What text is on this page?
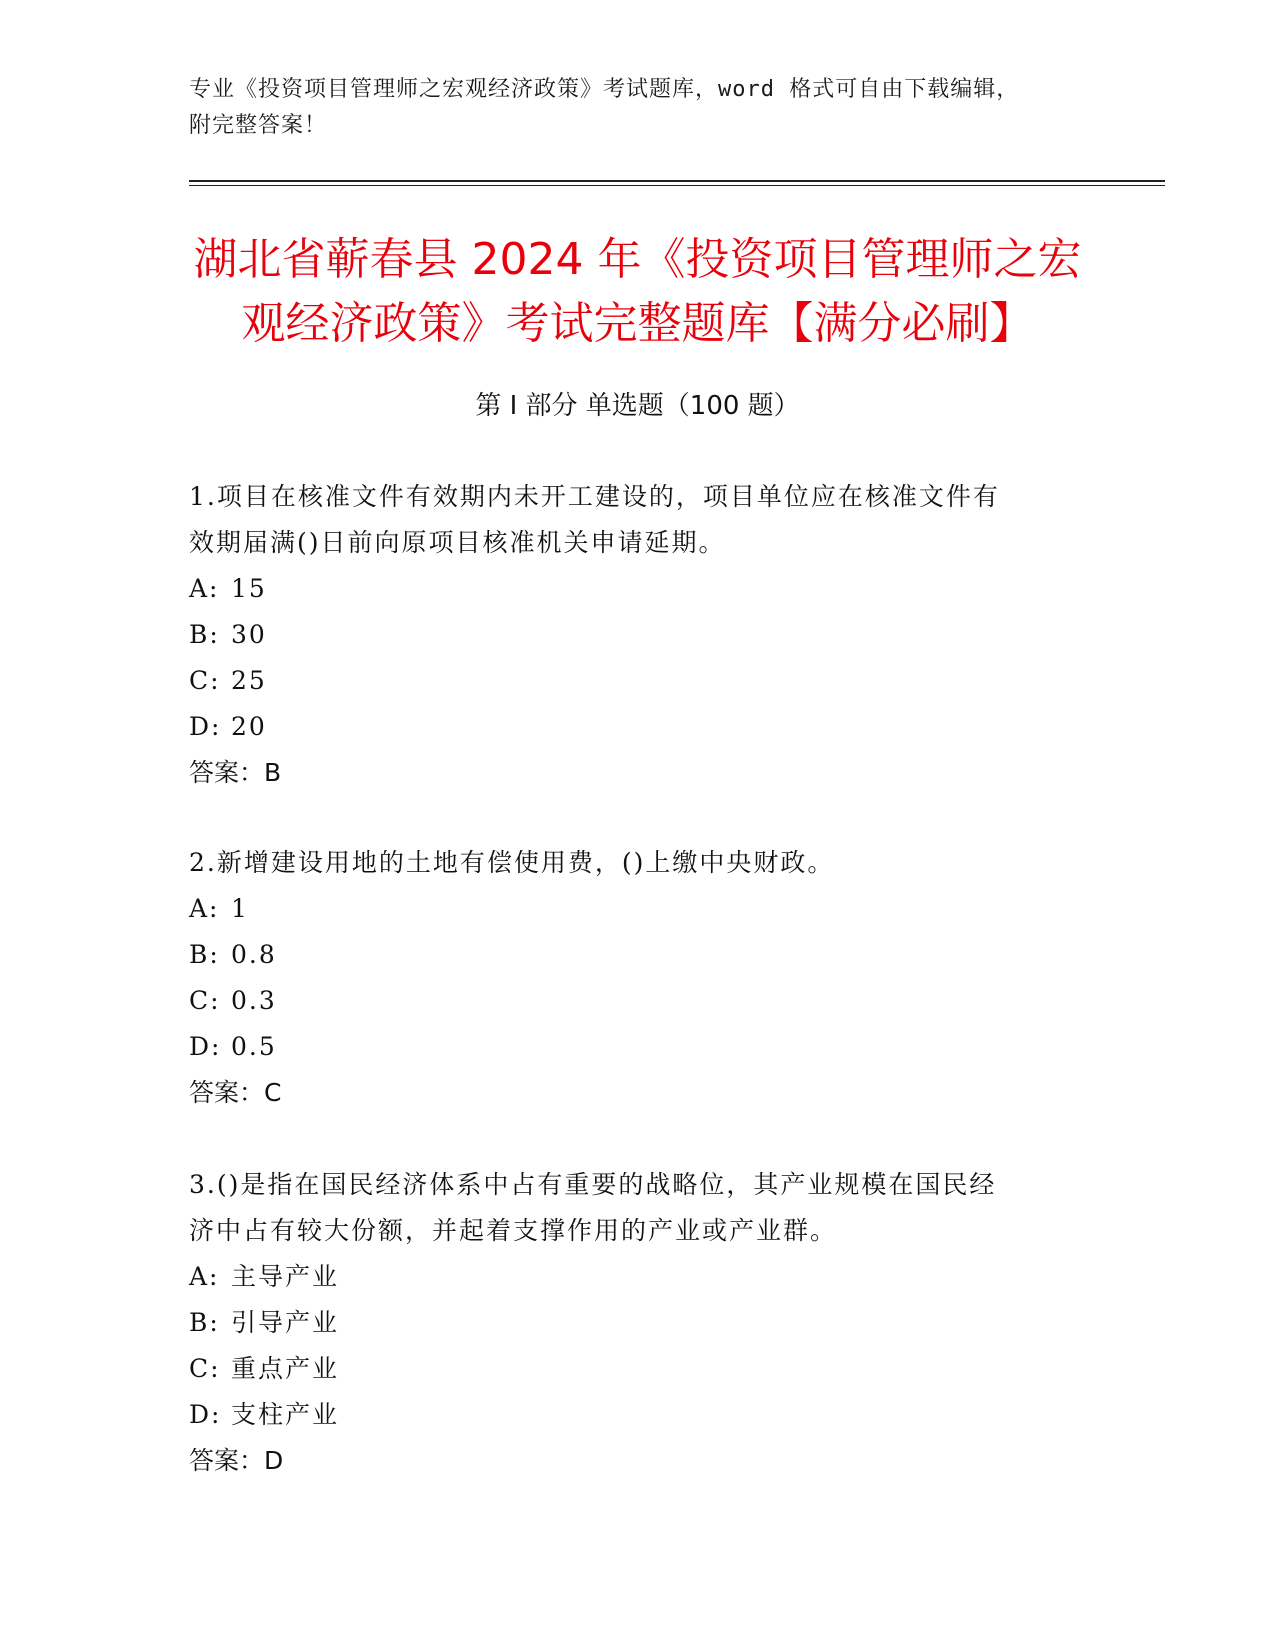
专业《投资项目管理师之宏观经济政策》考试题库，word 格式可自由下载编辑，
附完整答案！
湖北省蕲春县 2024 年《投资项目管理师之宏
观经济政策》考试完整题库【满分必刷】
第 I 部分 单选题（100 题）

1.项目在核准文件有效期内未开工建设的，项目单位应在核准文件有

效期届满()日前向原项目核准机关申请延期。

A: 15

B: 30

C: 25

D: 20

答案：B

2.新增建设用地的土地有偿使用费，()上缴中央财政。

A: 1

B: 0.8

C: 0.3

D: 0.5

答案：C

3.()是指在国民经济体系中占有重要的战略位，其产业规模在国民经

济中占有较大份额，并起着支撑作用的产业或产业群。

A: 主导产业

B: 引导产业

C: 重点产业

D: 支柱产业

答案：D
